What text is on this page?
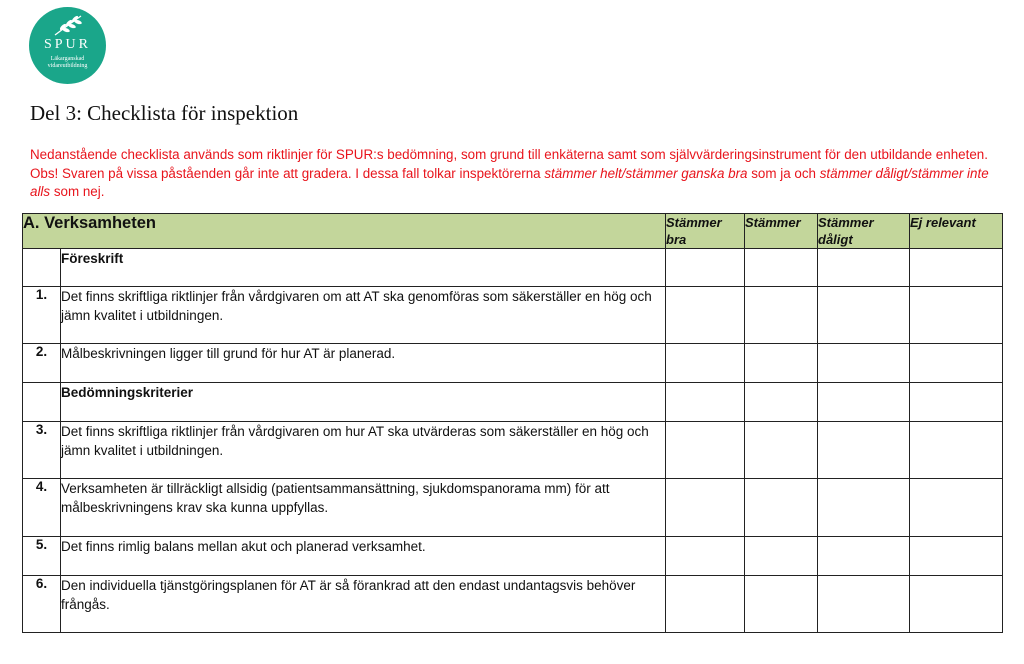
SPUR
Läkarganskad vidareutbildning
Del 3: Checklista för inspektion

Nedanstående checklista används som riktlinjer för SPUR:s bedömning, som grund till enkäterna samt som självvärderingsinstrument för den utbildande enheten. Obs! Svaren på vissa påståenden går inte att gradera. I dessa fall tolkar inspektörerna stämmer helt/stämmer ganska bra som ja och stämmer dåligt/stämmer inte alls som nej.

A. Verksamheten		Stämmer bra	Stämmer	Stämmer dåligt	Ej relevant
	Föreskrift				
1.	Det finns skriftliga riktlinjer från vårdgivaren om att AT ska genomföras som säkerställer en hög och jämn kvalitet i utbildningen.				
2.	Målbeskrivningen ligger till grund för hur AT är planerad.				
	Bedömningskriterier				
3.	Det finns skriftliga riktlinjer från vårdgivaren om hur AT ska utvärderas som säkerställer en hög och jämn kvalitet i utbildningen.				
4.	Verksamheten är tillräckligt allsidig (patientsammansättning, sjukdomspanorama mm) för att målbeskrivningens krav ska kunna uppfyllas.				
5.	Det finns rimlig balans mellan akut och planerad verksamhet.				
6.	Den individuella tjänstgöringsplanen för AT är så förankrad att den endast undantagsvis behöver frångås.				
